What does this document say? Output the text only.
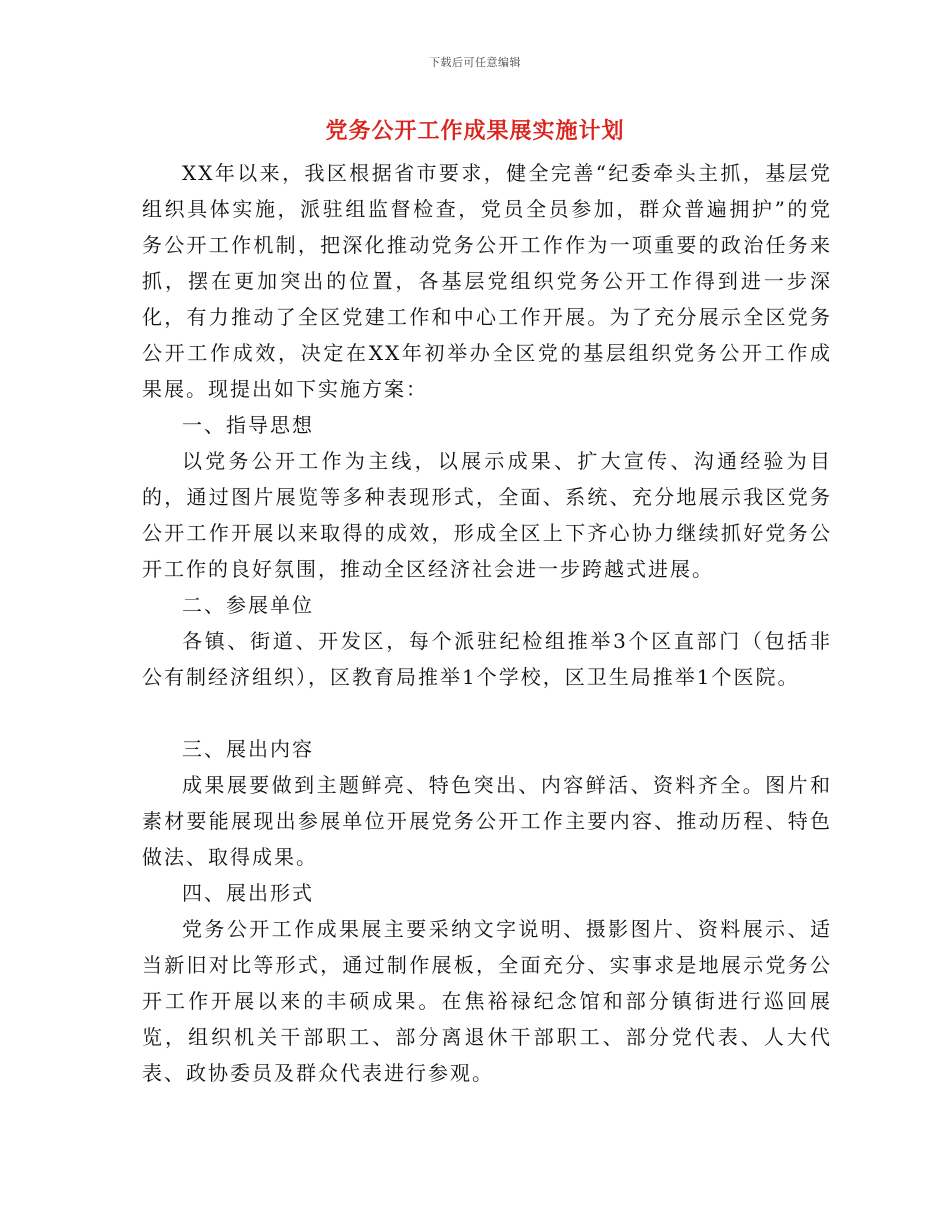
下载后可任意编辑
党务公开工作成果展实施计划

XX年以来，我区根据省市要求，健全完善“纪委牵头主抓，基层党组织具体实施，派驻组监督检查，党员全员参加，群众普遍拥护”的党务公开工作机制，把深化推动党务公开工作作为一项重要的政治任务来抓，摆在更加突出的位置，各基层党组织党务公开工作得到进一步深化，有力推动了全区党建工作和中心工作开展。为了充分展示全区党务公开工作成效，决定在XX年初举办全区党的基层组织党务公开工作成果展。现提出如下实施方案：

一、指导思想

以党务公开工作为主线，以展示成果、扩大宣传、沟通经验为目的，通过图片展览等多种表现形式，全面、系统、充分地展示我区党务公开工作开展以来取得的成效，形成全区上下齐心协力继续抓好党务公开工作的良好氛围，推动全区经济社会进一步跨越式进展。

二、参展单位

各镇、街道、开发区，每个派驻纪检组推举3个区直部门（包括非公有制经济组织），区教育局推举1个学校，区卫生局推举1个医院。

三、展出内容

成果展要做到主题鲜亮、特色突出、内容鲜活、资料齐全。图片和素材要能展现出参展单位开展党务公开工作主要内容、推动历程、特色做法、取得成果。

四、展出形式

党务公开工作成果展主要采纳文字说明、摄影图片、资料展示、适当新旧对比等形式，通过制作展板，全面充分、实事求是地展示党务公开工作开展以来的丰硕成果。在焦裕禄纪念馆和部分镇街进行巡回展览，组织机关干部职工、部分离退休干部职工、部分党代表、人大代表、政协委员及群众代表进行参观。
